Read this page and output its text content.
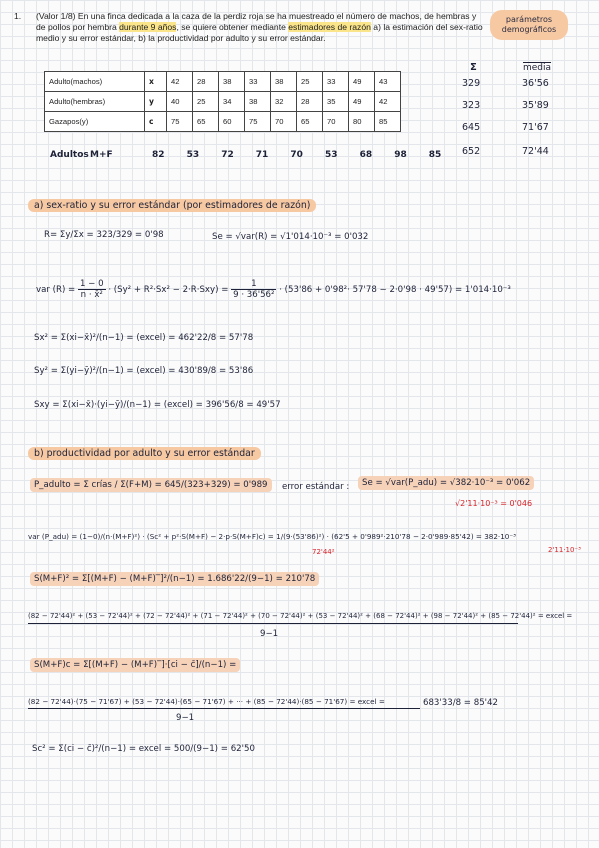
1. (Valor 1/8) En una finca dedicada a la caza de la perdiz roja se ha muestreado el número de machos, de hembras y de pollos por hembra durante 9 años, se quiere obtener mediante estimadores de razón a) la estimación del sex-ratio medio y su error estándar, b) la productividad por adulto y su error estándar.
parámetros
demográficos
Adulto(machos)	x	42	28	38	33	38	25	33	49	43
Adulto(hembras)	y	40	25	34	38	32	28	35	49	42
Gazapos(y)	c	75	65	60	75	70	65	70	80	85
Σ	media
329	36'56
323	35'89
645	71'67
652	72'44
Adultos M+F	82 53 72 71 70 53 68 98 85
a) sex-ratio y su error estándar (por estimadores de razón)
R= Σy/Σx = 323/329 = 0'98	Se = √var(R) = √1'014·10⁻³ = 0'032
var $(R) = \frac{1 - 0}{\text{n · x̄²}} \cdot (Sy^2 + R^2\cdot Sx^2 - 2\cdot R\cdot Sxy) = \frac{1}{\text{9 · 36'56²}} \cdot (53'86 + 0'98^2\cdot 57'78 - 2\cdot 0'98 \cdot 49'57) = 1'014\cdot 10^{-3}$
Sx² = Σ(xi−x̄)²/(n−1) = (excel) = 462'22/8 = 57'78
Sy² = Σ(yi−ȳ)²/(n−1) = (excel) = 430'89/8 = 53'86
Sxy = Σ(xi−x̄)·(yi−ȳ)/(n−1) = (excel) = 396'56/8 = 49'57
b) productividad por adulto y su error estándar
P_adulto = Σ crías / Σ(F+M) = 645/(323+329) = 0'989	error estándar :	Se = √var(P_adu) = √382·10⁻³ = 0'062
√2'11·10⁻³ = 0'046
var (P_adu) = (1−0)/(n·(M+F)²) · (Sc² + p²·S(M+F) − 2·p·S(M+F)c) = 1/(9·(53'86)²) · (62'5 + 0'989²·210'78 − 2·0'989·85'42) = 382·10⁻³
72'44²	2'11·10⁻³
S(M+F)² = Σ[(M+F) − (M+F)‾]²/(n−1) = 1.686'22/(9−1) = 210'78
(82 − 72'44)² + (53 − 72'44)² + (72 − 72'44)² + (71 − 72'44)² + (70 − 72'44)² + (53 − 72'44)² + (68 − 72'44)² + (98 − 72'44)² + (85 − 72'44)² = excel =
9−1
S(M+F)c = Σ[(M+F) − (M+F)‾]·[ci − c̄]/(n−1) =
(82 − 72'44)·(75 − 71'67) + (53 − 72'44)·(65 − 71'67) + ··· + (85 − 72'44)·(85 − 71'67) = excel =
9−1
683'33/8 = 85'42
Sc² = Σ(ci − c̄)²/(n−1) = excel = 500/(9−1) = 62'50
